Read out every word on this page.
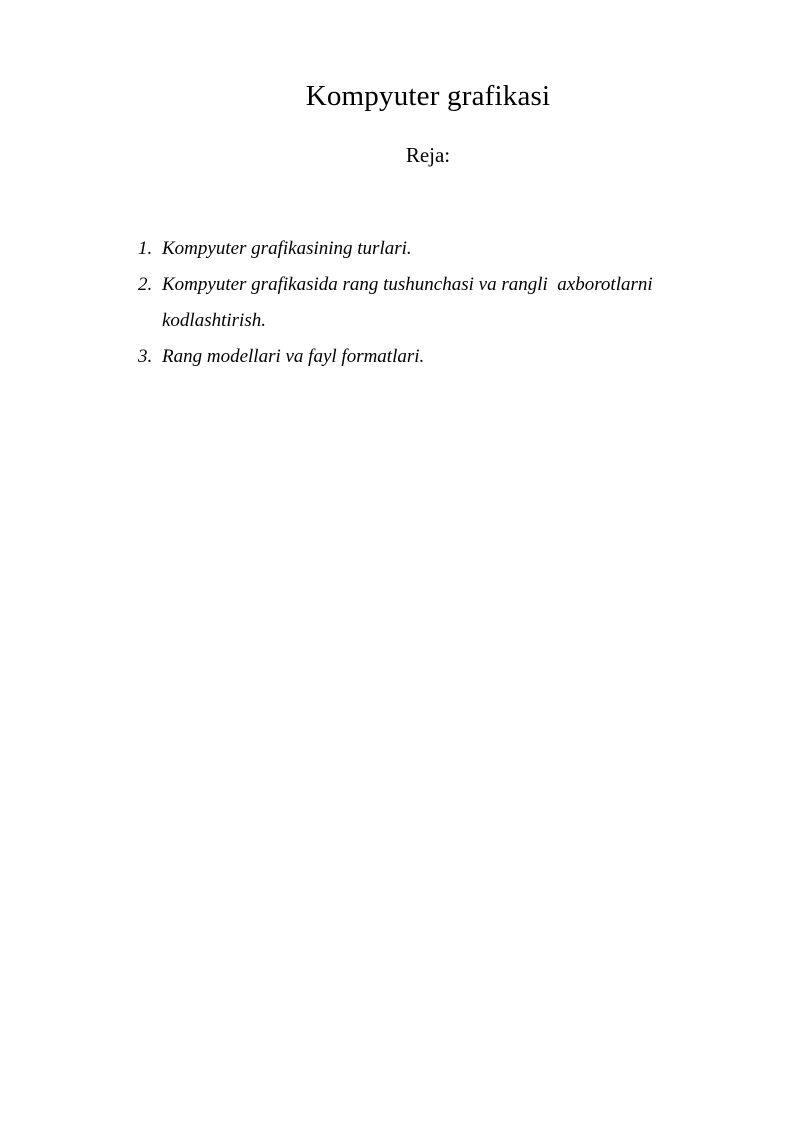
Kompyuter grafikasi
Reja:
1. Kompyuter grafikasining turlari.
2. Kompyuter grafikasida rang tushunchasi va rangli  axborotlarni kodlashtirish.
3. Rang modellari va fayl formatlari.
